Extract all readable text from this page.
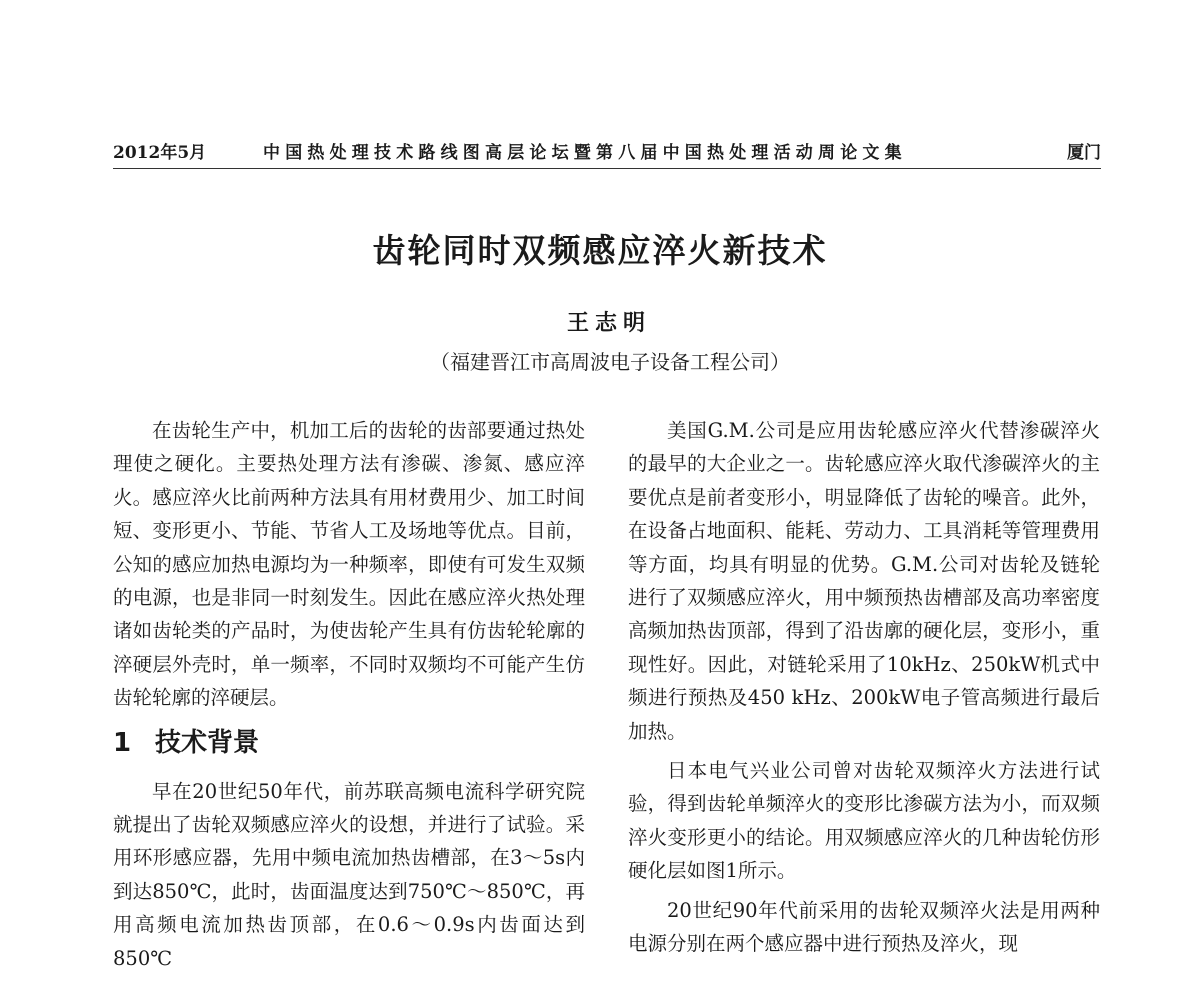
2012年5月	中国热处理技术路线图高层论坛暨第八届中国热处理活动周论文集	厦门
齿轮同时双频感应淬火新技术
王志明
（福建晋江市高周波电子设备工程公司）

在齿轮生产中，机加工后的齿轮的齿部要通过热处理使之硬化。主要热处理方法有渗碳、渗氮、感应淬火。感应淬火比前两种方法具有用材费用少、加工时间短、变形更小、节能、节省人工及场地等优点。目前，公知的感应加热电源均为一种频率，即使有可发生双频的电源，也是非同一时刻发生。因此在感应淬火热处理诸如齿轮类的产品时，为使齿轮产生具有仿齿轮轮廓的淬硬层外壳时，单一频率，不同时双频均不可能产生仿齿轮轮廓的淬硬层。

1 技术背景

早在20世纪50年代，前苏联高频电流科学研究院就提出了齿轮双频感应淬火的设想，并进行了试验。采用环形感应器，先用中频电流加热齿槽部，在3～5s内到达850℃，此时，齿面温度达到750℃～850℃，再用高频电流加热齿顶部，在0.6～0.9s内齿面达到850℃

美国G.M.公司是应用齿轮感应淬火代替渗碳淬火的最早的大企业之一。齿轮感应淬火取代渗碳淬火的主要优点是前者变形小，明显降低了齿轮的噪音。此外，在设备占地面积、能耗、劳动力、工具消耗等管理费用等方面，均具有明显的优势。G.M.公司对齿轮及链轮进行了双频感应淬火，用中频预热齿槽部及高功率密度高频加热齿顶部，得到了沿齿廓的硬化层，变形小，重现性好。因此，对链轮采用了10kHz、250kW机式中频进行预热及450 kHz、200kW电子管高频进行最后加热。

日本电气兴业公司曾对齿轮双频淬火方法进行试验，得到齿轮单频淬火的变形比渗碳方法为小，而双频淬火变形更小的结论。用双频感应淬火的几种齿轮仿形硬化层如图1所示。

20世纪90年代前采用的齿轮双频淬火法是用两种电源分别在两个感应器中进行预热及淬火，现
